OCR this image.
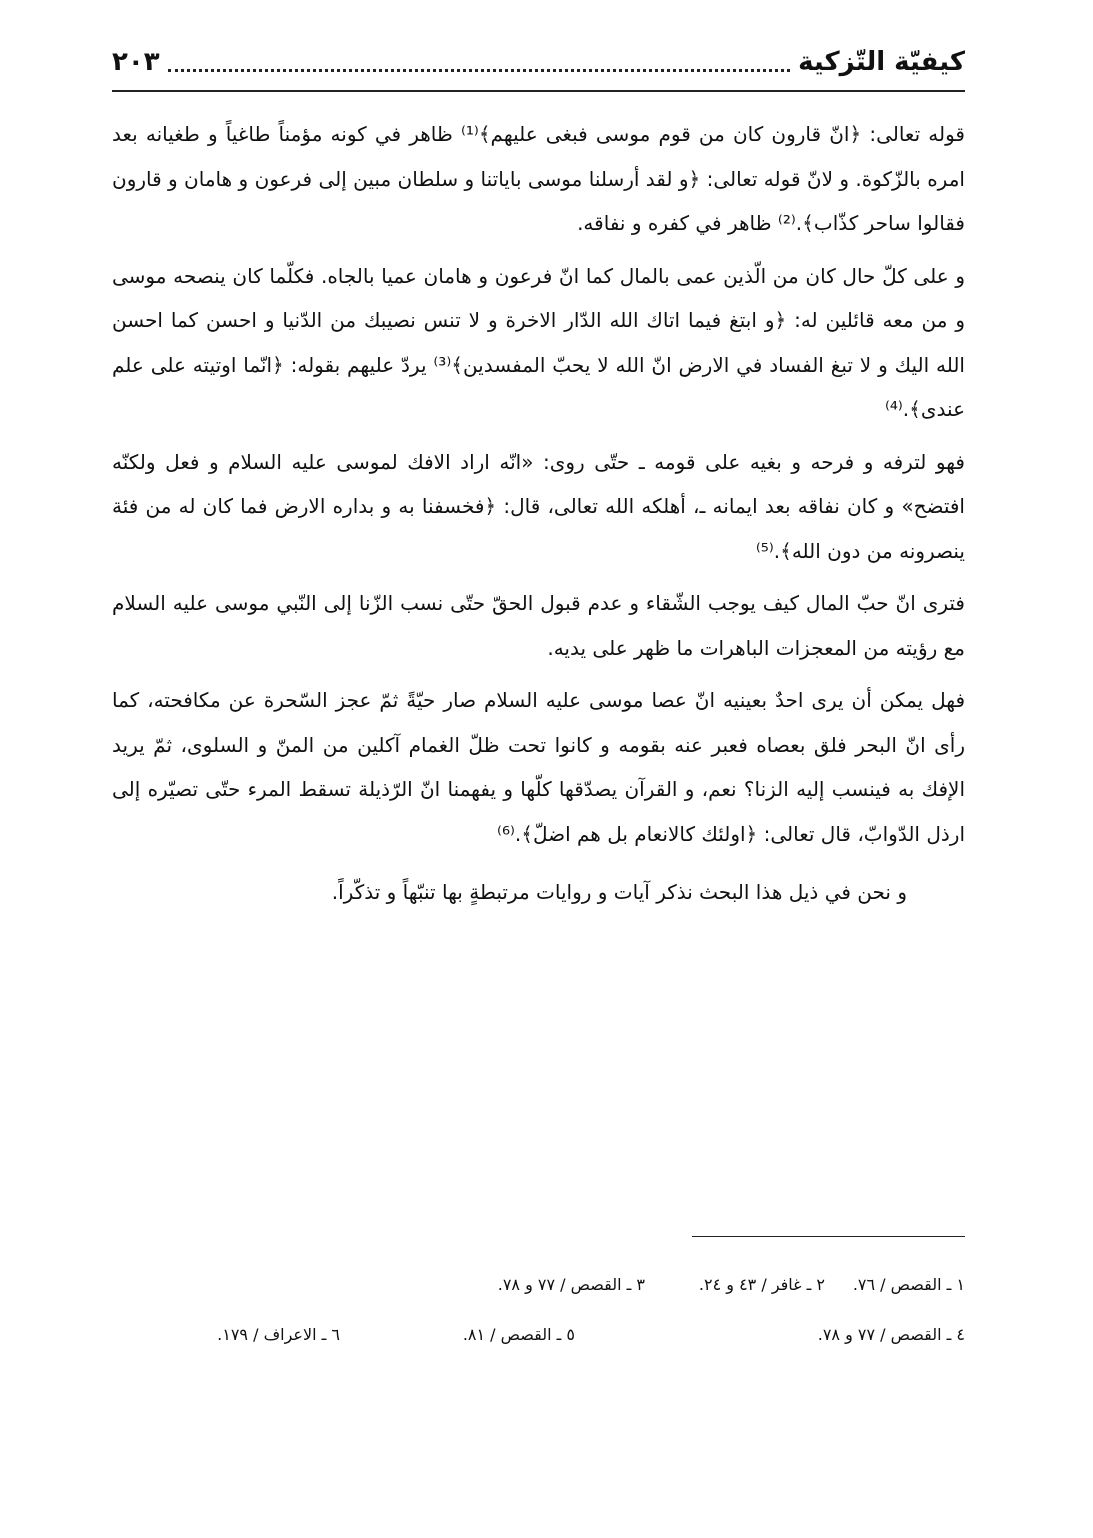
كيفيّة التّزكية
٢٠٣

قوله تعالى: ﴿انّ قارون كان من قوم موسى فبغى عليهم﴾⁽¹⁾ ظاهر في كونه مؤمناً طاغياً و طغيانه بعد امره بالزّكوة. و لانّ قوله تعالى: ﴿و لقد أرسلنا موسى باياتنا و سلطان مبين إلى فرعون و هامان و قارون فقالوا ساحر كذّاب﴾.⁽²⁾ ظاهر في كفره و نفاقه.

و على كلّ حال كان من الّذين عمى بالمال كما انّ فرعون و هامان عميا بالجاه. فكلّما كان ينصحه موسى و من معه قائلين له: ﴿و ابتغ فيما اتاك الله الدّار الاخرة و لا تنس نصيبك من الدّنيا و احسن كما احسن الله اليك و لا تبغ الفساد في الارض انّ الله لا يحبّ المفسدين﴾⁽³⁾ يردّ عليهم بقوله: ﴿انّما اوتيته على علم عندى﴾.⁽⁴⁾

فهو لترفه و فرحه و بغيه على قومه ـ حتّى روى: «انّه اراد الافك لموسى عليه السلام و فعل ولكنّه افتضح» و كان نفاقه بعد ايمانه ـ، أهلكه الله تعالى، قال: ﴿فخسفنا به و بداره الارض فما كان له من فئة ينصرونه من دون الله﴾.⁽⁵⁾

فترى انّ حبّ المال كيف يوجب الشّقاء و عدم قبول الحقّ حتّى نسب الزّنا إلى النّبي موسى عليه السلام مع رؤيته من المعجزات الباهرات ما ظهر على يديه.

فهل يمكن أن يرى احدٌ بعينيه انّ عصا موسى عليه السلام صار حيّةً ثمّ عجز السّحرة عن مكافحته، كما رأى انّ البحر فلق بعصاه فعبر عنه بقومه و كانوا تحت ظلّ الغمام آكلين من المنّ و السلوى، ثمّ يريد الإفك به فينسب إليه الزنا؟ نعم، و القرآن يصدّقها كلّها و يفهمنا انّ الرّذيلة تسقط المرء حتّى تصيّره إلى ارذل الدّوابّ، قال تعالى: ﴿اولئك كالانعام بل هم اضلّ﴾.⁽⁶⁾

و نحن في ذيل هذا البحث نذكر آيات و روايات مرتبطةٍ بها تنبّهاً و تذكّراً.

١ ـ القصص / ٧٦.
٢ ـ غافر / ٤٣ و ٢٤.
٣ ـ القصص / ٧٧ و ٧٨.
٤ ـ القصص / ٧٧ و ٧٨.
٥ ـ القصص / ٨١.
٦ ـ الاعراف / ١٧٩.
